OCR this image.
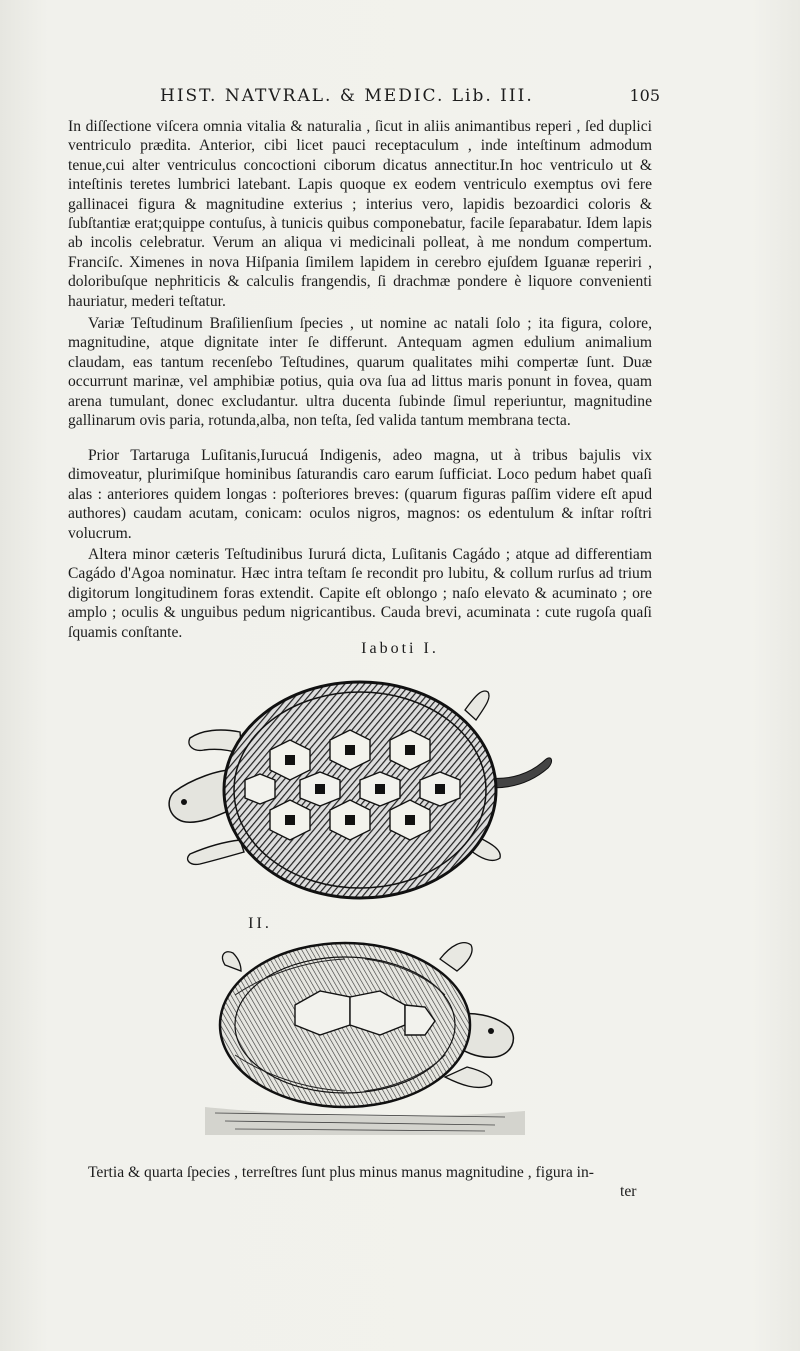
HIST. NATVRAL. & MEDIC. Lib. III.	105

In diſſectione viſcera omnia vitalia & naturalia , ſicut in aliis animantibus reperi , ſed duplici ventriculo prædita. Anterior, cibi licet pauci receptaculum , inde inteſtinum admodum tenue,cui alter ventriculus concoctioni ciborum dicatus annectitur.In hoc ventriculo ut & inteſtinis teretes lumbrici latebant. Lapis quoque ex eodem ventriculo exemptus ovi fere gallinacei figura & magnitudine exterius ; interius vero, lapidis bezoardici coloris & ſubſtantiæ erat;quippe contuſus, à tunicis quibus componebatur, facile ſeparabatur. Idem lapis ab incolis celebratur. Verum an aliqua vi medicinali polleat, à me nondum compertum. Franciſc. Ximenes in nova Hiſpania ſimilem lapidem in cerebro ejuſdem Iguanæ reperiri , doloribuſque nephriticis & calculis frangendis, ſi drachmæ pondere è liquore convenienti hauriatur, mederi teſtatur.

Variæ Teſtudinum Braſilienſium ſpecies , ut nomine ac natali ſolo ; ita figura, colore, magnitudine, atque dignitate inter ſe differunt. Antequam agmen edulium animalium claudam, eas tantum recenſebo Teſtudines, quarum qualitates mihi compertæ ſunt. Duæ occurrunt marinæ, vel amphibiæ potius, quia ova ſua ad littus maris ponunt in fovea, quam arena tumulant, donec excludantur. ultra ducenta ſubinde ſimul reperiuntur, magnitudine gallinarum ovis paria, rotunda,alba, non teſta, ſed valida tantum membrana tecta.

Prior Tartaruga Luſitanis,Iurucuá Indigenis, adeo magna, ut à tribus bajulis vix dimoveatur, plurimiſque hominibus ſaturandis caro earum ſufficiat. Loco pedum habet quaſi alas : anteriores quidem longas : poſteriores breves: (quarum figuras paſſim videre eſt apud authores) caudam acutam, conicam: oculos nigros, magnos: os edentulum & inſtar roſtri volucrum.

Altera minor cæteris Teſtudinibus Iururá dicta, Luſitanis Cagádo ; atque ad differentiam Cagádo d'Agoa nominatur. Hæc intra teſtam ſe recondit pro lubitu, & collum rurſus ad trium digitorum longitudinem foras extendit. Capite eſt oblongo ; naſo elevato & acuminato ; ore amplo ; oculis & unguibus pedum nigricantibus. Cauda brevi, acuminata : cute rugoſa quaſi ſquamis conſtante.

Iaboti I.
II.
Tertia & quarta ſpecies , terreſtres ſunt plus minus manus magnitudine , figura in-
ter
